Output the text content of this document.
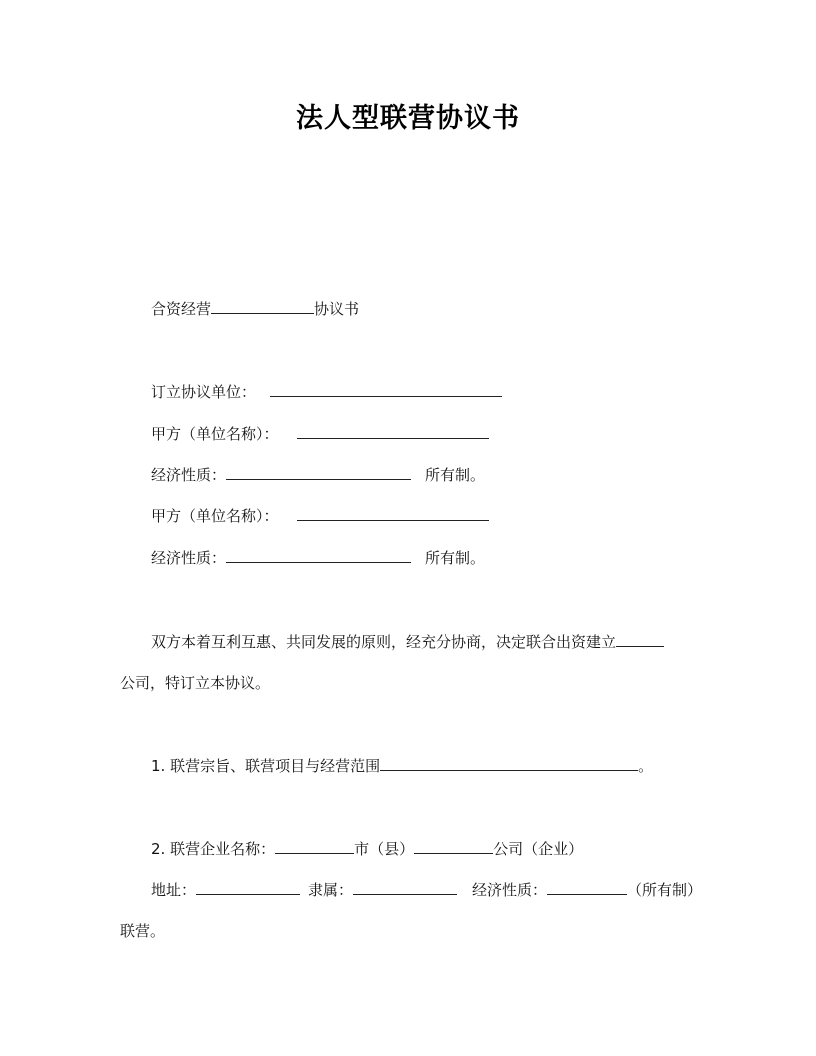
法人型联营协议书
合资经营	协议书
订立协议单位：
甲方（单位名称）：
经济性质：	所有制。
甲方（单位名称）：
经济性质：	所有制。
双方本着互利互惠、共同发展的原则，经充分协商，决定联合出资建立
公司，特订立本协议。
1. 联营宗旨、联营项目与经营范围	。
2. 联营企业名称：	市（县）	公司（企业）
地址：	隶属：	经济性质：	（所有制）
联营。
